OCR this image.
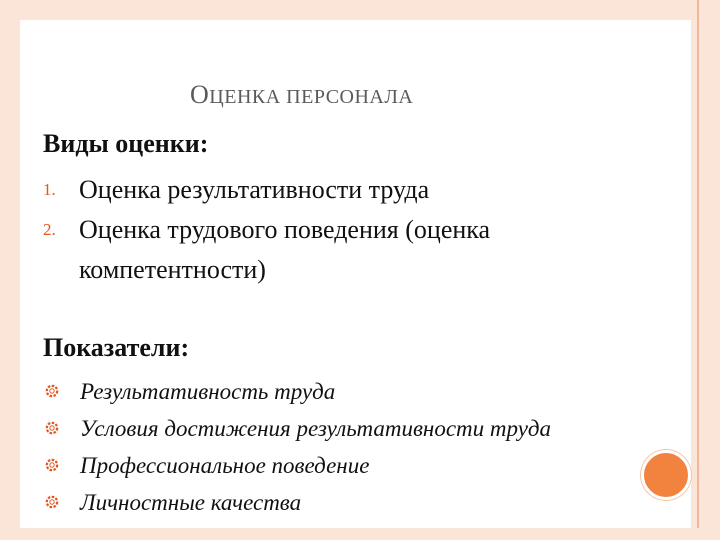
ОЦЕНКА ПЕРСОНАЛА
Виды оценки:
1. Оценка результативности труда
2. Оценка трудового поведения (оценка компетентности)
Показатели:
Результативность труда
Условия достижения результативности труда
Профессиональное поведение
Личностные качества
